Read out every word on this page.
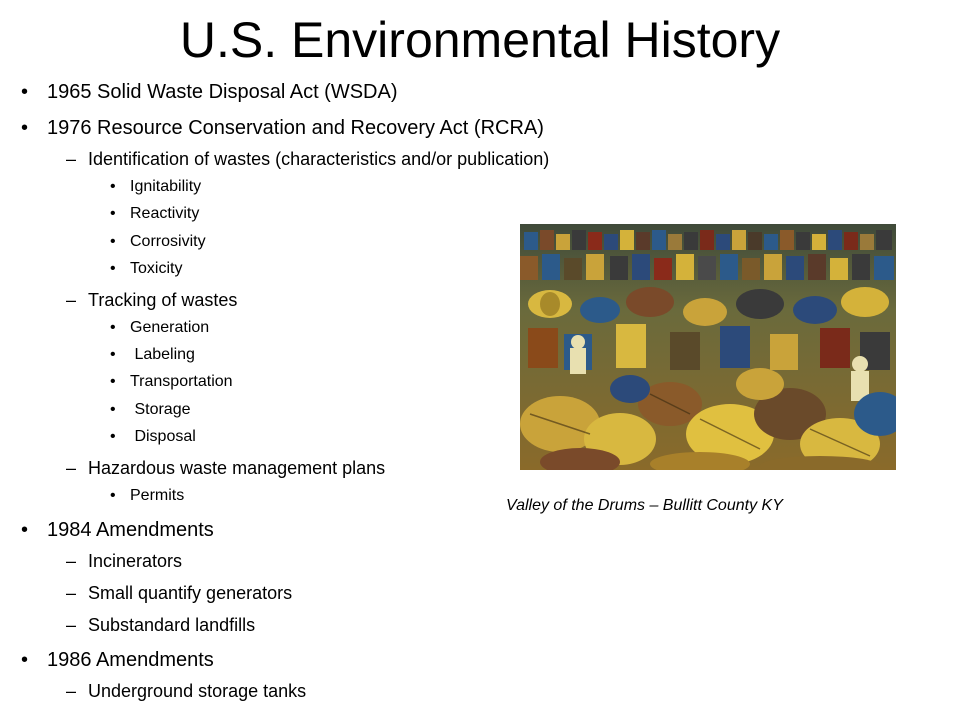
U.S. Environmental History
• 1965 Solid Waste Disposal Act (WSDA)
• 1976 Resource Conservation and Recovery Act (RCRA)
– Identification of wastes (characteristics and/or publication)
• Ignitability
• Reactivity
• Corrosivity
• Toxicity
– Tracking of wastes
• Generation
• Labeling
• Transportation
• Storage
• Disposal
– Hazardous waste management plans
• Permits
• 1984 Amendments
– Incinerators
– Small quantify generators
– Substandard landfills
• 1986 Amendments
– Underground storage tanks
Valley of the Drums – Bullitt County KY
